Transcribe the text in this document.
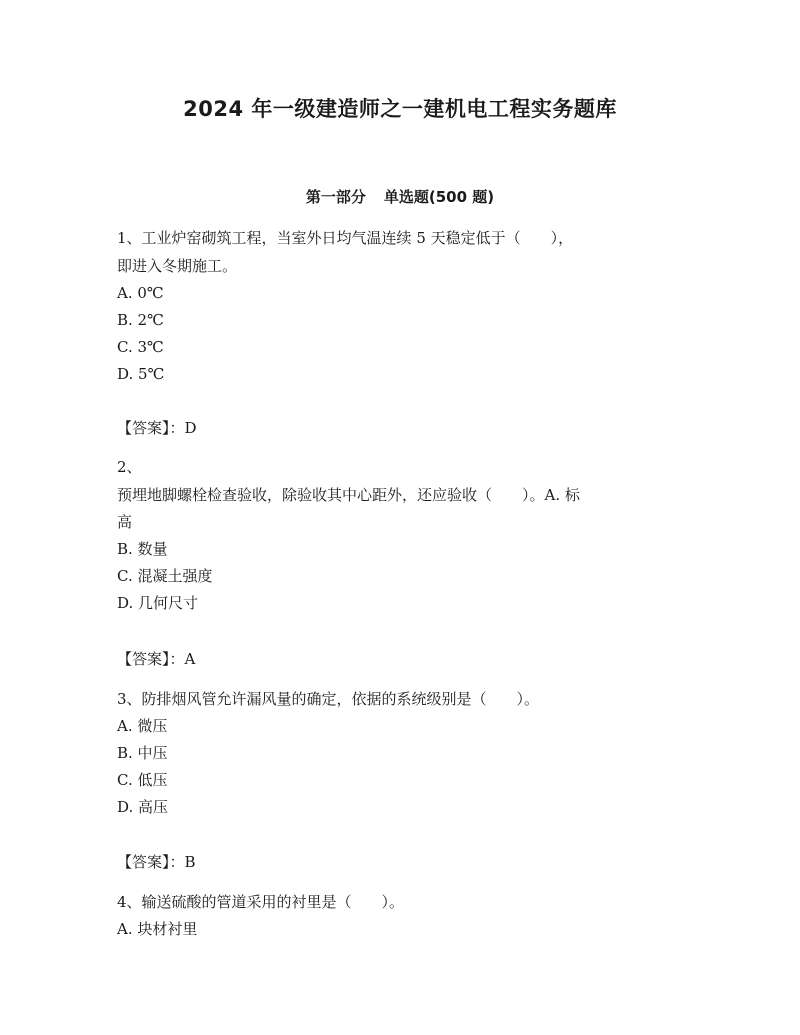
2024 年一级建造师之一建机电工程实务题库
第一部分 单选题(500 题)
1、工业炉窑砌筑工程，当室外日均气温连续 5 天稳定低于（　　），
即进入冬期施工。
A. 0℃
B. 2℃
C. 3℃
D. 5℃
【答案】：D
2、
预埋地脚螺栓检查验收，除验收其中心距外，还应验收（　　）。A. 标
高
B. 数量
C. 混凝土强度
D. 几何尺寸
【答案】：A
3、防排烟风管允许漏风量的确定，依据的系统级别是（　　）。
A. 微压
B. 中压
C. 低压
D. 高压
【答案】：B
4、输送硫酸的管道采用的衬里是（　　）。
A. 块材衬里
